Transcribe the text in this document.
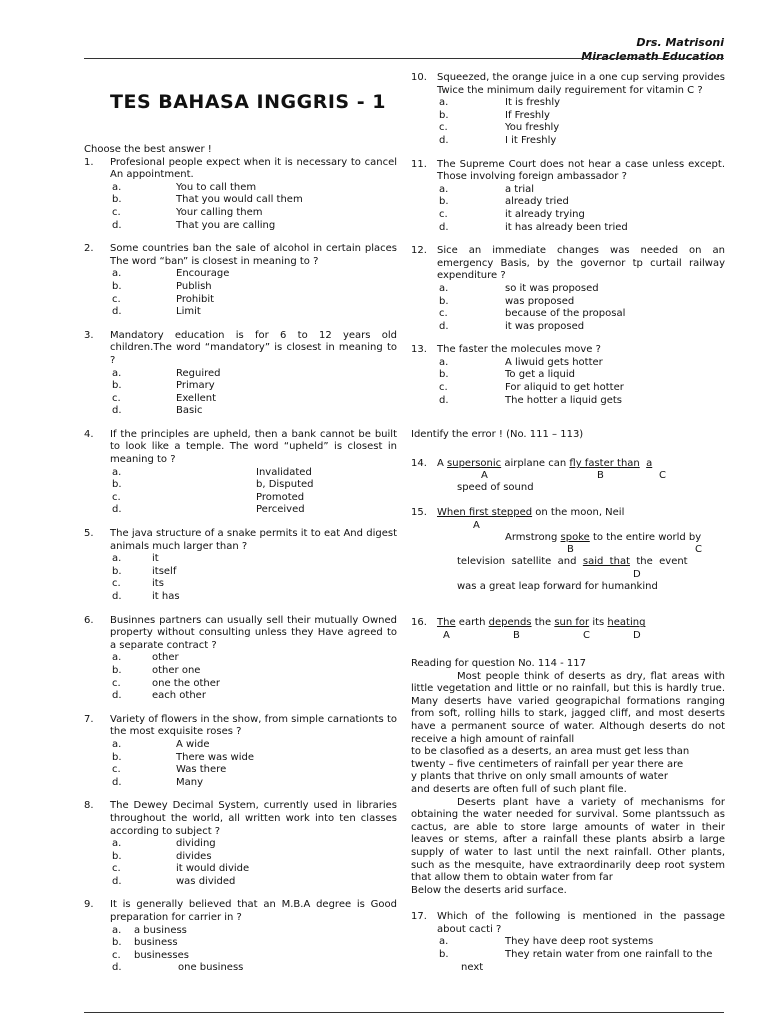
Drs. Matrisoni
Miraclemath Education
TES BAHASA INGGRIS - 1

Choose the best answer !

1. Profesional people expect when it is necessary to cancel An appointment.
a.	You to call them
b.	That you would call them
c.	Your calling them
d.	That you are calling
2. Some countries ban the sale of alcohol in certain places The word “ban” is closest in meaning to ?
a.	Encourage
b.	Publish
c.	Prohibit
d.	Limit
3. Mandatory education is for 6 to 12 years old children.The word “mandatory” is closest in meaning to ?
a.	Reguired
b.	Primary
c.	Exellent
d.	Basic
4. If the principles are upheld, then a bank cannot be built to look like a temple. The word “upheld” is closest in meaning to ?
a.	Invalidated
b.	b, Disputed
c.	Promoted
d.	Perceived
5. The java structure of a snake permits it to eat And digest animals much larger than ?
a.	it
b.	itself
c.	its
d.	it has
6. Businnes partners can usually sell their mutually Owned property without consulting unless they Have agreed to a separate contract ?
a.	other
b.	other one
c.	one the other
d.	each other
7. Variety of flowers in the show, from simple carnationts to the most exquisite roses ?
a.	A wide
b.	There was wide
c.	Was there
d.	Many
8. The Dewey Decimal System, currently used in libraries throughout the world, all written work into ten classes according to subject ?
a.	dividing
b.	divides
c.	it would divide
d.	was divided
9. It is generally believed that an M.B.A degree is Good preparation for carrier in ?
a. a business
b. business
c. businesses
d.	one business
10. Squeezed, the orange juice in a one cup serving provides Twice the minimum daily reguirement for vitamin C ?
a.	It is freshly
b.	If Freshly
c.	You freshly
d.	I it Freshly
11. The Supreme Court does not hear a case unless except. Those involving foreign ambassador ?
a.	a trial
b.	already tried
c.	it already trying
d.	it has already been tried
12. Sice an immediate changes was needed on an emergency Basis, by the governor tp curtail railway expenditure ?
a.	so it was proposed
b.	was proposed
c.	because of the proposal
d.	it was proposed
13. The faster the molecules move ?
a.	A liwuid gets hotter
b.	To get a liquid
c.	For aliquid to get hotter
d.	The hotter a liquid gets
Identify the error ! (No. 111 – 113)
14. A supersonic airplane can fly faster than a
A	B	C
speed of sound
15. When first stepped on the moon, Neil
A
Armstrong spoke to the entire world by
B	C
television  satellite  and  said  that  the  event
D
was a great leap forward for humankind
16. The earth depends the sun for its heating
A	B	C	D
Reading for question No. 114 - 117

Most people think of deserts as dry, flat areas with little vegetation and little or no rainfall, but this is hardly true. Many deserts have varied geograpichal formations ranging from soft, rolling hills to stark, jagged cliff, and most deserts have a permanent source of water. Although deserts do not receive a high amount of rainfall

to be clasofied as a deserts, an area must get less than

twenty – five centimeters of rainfall per year there are

y plants that thrive on only small amounts of water

and deserts are often full of such plant file.

Deserts plant have a variety of mechanisms for obtaining the water needed for survival. Some plantssuch as cactus, are able to store large amounts of water in their leaves or stems, after a rainfall these plants absirb a large supply of water to last until the next rainfall. Other plants, such as the mesquite, have extraordinarily deep root system that allow them to obtain water from far

Below the deserts arid surface.

17. Which of the following is mentioned in the passage about cacti ?
a.	They have deep root systems
b.	They retain water from one rainfall to the
next
